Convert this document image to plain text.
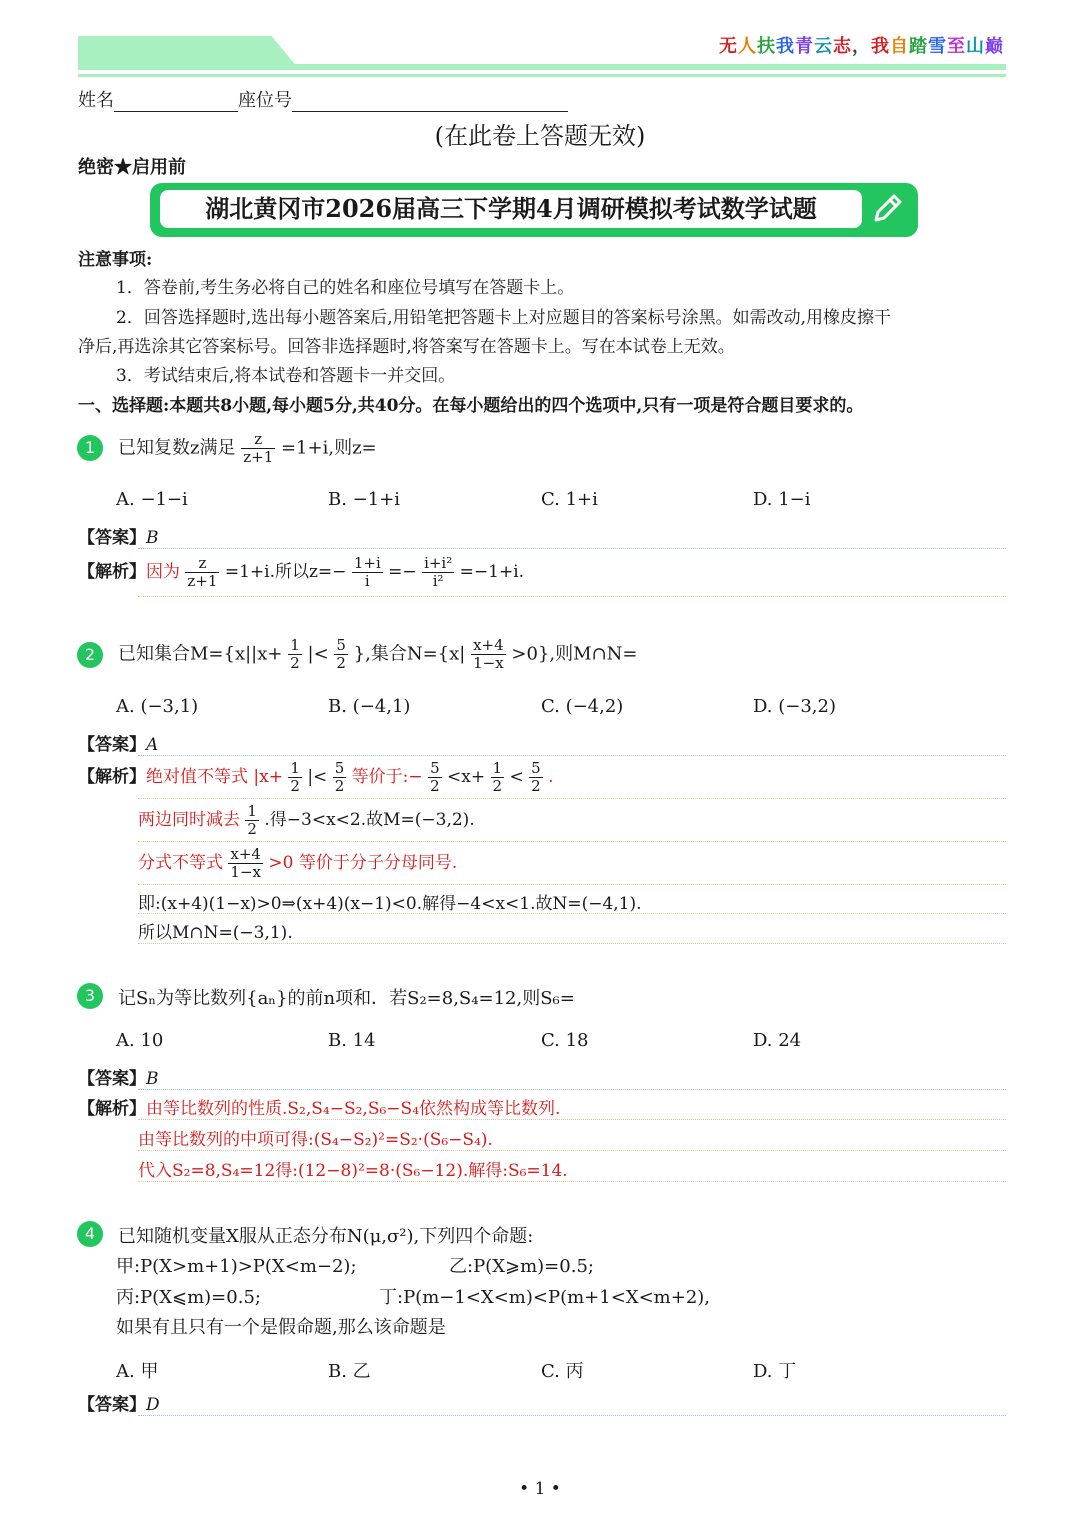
无人扶我青云志，我自踏雪至山巅
姓名	座位号
(在此卷上答题无效)
绝密★启用前
湖北黄冈市2026届高三下学期4月调研模拟考试数学试题
注意事项:
1．答卷前,考生务必将自己的姓名和座位号填写在答题卡上。
2．回答选择题时,选出每小题答案后,用铅笔把答题卡上对应题目的答案标号涂黑。如需改动,用橡皮擦干
净后,再选涂其它答案标号。回答非选择题时,将答案写在答题卡上。写在本试卷上无效。
3．考试结束后,将本试卷和答题卡一并交回。
一、选择题:本题共8小题,每小题5分,共40分。在每小题给出的四个选项中,只有一项是符合题目要求的。
1	已知复数z满足 $\frac{z}{z+1} =1+i$,则z=
A. −1−i	B. −1+i	C. 1+i	D. 1−i
【答案】B
【解析】因为 $\frac{z}{z+1} =1+i$.所以$z=- \frac{1+i}{i} =- \frac{\text{i+i²}}{\text{i²}} =-1+i$.
2	已知集合$M=\{x||x+ \frac{1}{2}$ |< $\frac{5}{2}$ },集合$N=\{x| \frac{x+4}{1-x} >0\}$,则M∩N=
A. (−3,1)	B. (−4,1)	C. (−4,2)	D. (−3,2)
【答案】A
【解析】绝对值不等式 $|x+ \frac{1}{2}$ |< $\frac{5}{2}$ 等价于:− $\frac{5}{2} <x+ \frac{1}{2} < \frac{5}{2}$ .
两边同时减去 $\frac{1}{2}$ .得−3<x<2.故M=(−3,2).
分式不等式 $\frac{x+4}{1-x} >0$ 等价于分子分母同号.
即:(x+4)(1−x)>0⇒(x+4)(x−1)<0.解得−4<x<1.故N=(−4,1).
所以M∩N=(−3,1).
3	记Sₙ为等比数列{aₙ}的前n项和．若S₂=8,S₄=12,则S₆=
A. 10	B. 14	C. 18	D. 24
【答案】B
【解析】由等比数列的性质.S₂,S₄−S₂,S₆−S₄依然构成等比数列.
由等比数列的中项可得:(S₄−S₂)²=S₂·(S₆−S₄).
代入S₂=8,S₄=12得:(12−8)²=8·(S₆−12).解得:S₆=14.
4	已知随机变量X服从正态分布N(μ,σ²),下列四个命题:
甲:P(X>m+1)>P(X<m−2);	乙:P(X⩾m)=0.5;
丙:P(X⩽m)=0.5;	丁:P(m−1<X<m)<P(m+1<X<m+2),
如果有且只有一个是假命题,那么该命题是
A. 甲	B. 乙	C. 丙	D. 丁
【答案】D
• 1 •
